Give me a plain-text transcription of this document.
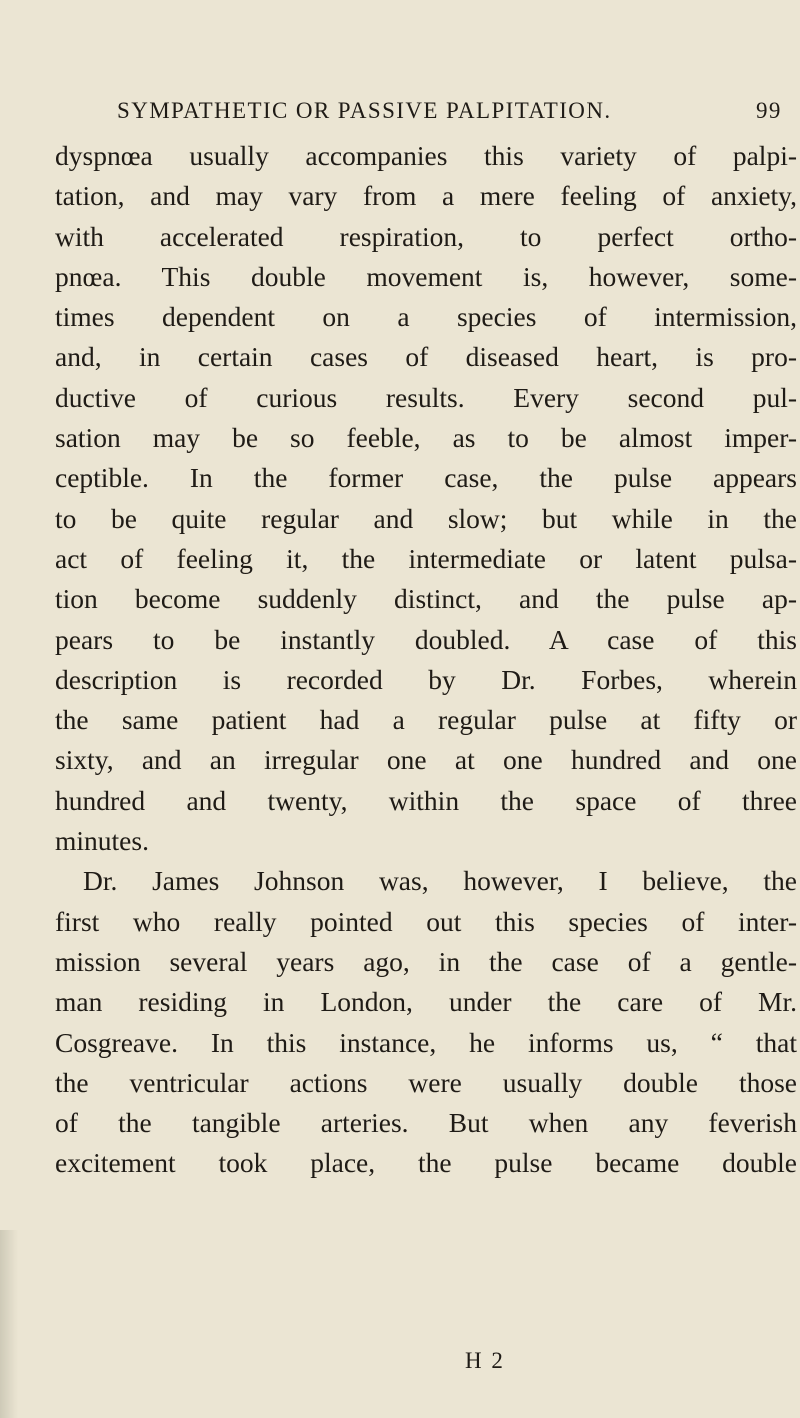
SYMPATHETIC OR PASSIVE PALPITATION.	99
dyspnœa usually accompanies this variety of palpi-
tation, and may vary from a mere feeling of anxiety,
with accelerated respiration, to perfect ortho-
pnœa. This double movement is, however, some-
times dependent on a species of intermission,
and, in certain cases of diseased heart, is pro-
ductive of curious results. Every second pul-
sation may be so feeble, as to be almost imper-
ceptible. In the former case, the pulse appears
to be quite regular and slow; but while in the
act of feeling it, the intermediate or latent pulsa-
tion become suddenly distinct, and the pulse ap-
pears to be instantly doubled. A case of this
description is recorded by Dr. Forbes, wherein
the same patient had a regular pulse at fifty or
sixty, and an irregular one at one hundred and one
hundred and twenty, within the space of three
minutes.
Dr. James Johnson was, however, I believe, the
first who really pointed out this species of inter-
mission several years ago, in the case of a gentle-
man residing in London, under the care of Mr.
Cosgreave. In this instance, he informs us, “ that
the ventricular actions were usually double those
of the tangible arteries. But when any feverish
excitement took place, the pulse became double
H 2
